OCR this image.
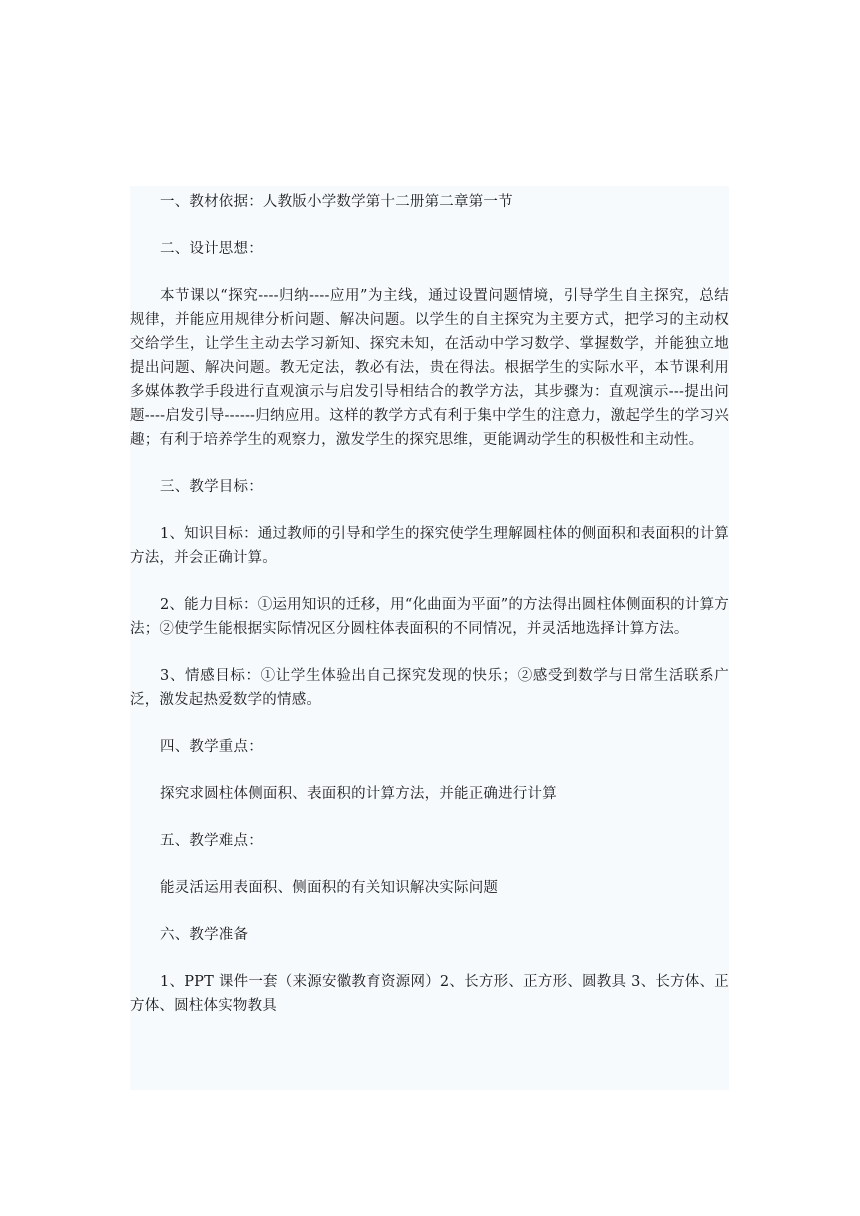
一、教材依据：人教版小学数学第十二册第二章第一节

二、设计思想：

本节课以“探究----归纳----应用”为主线，通过设置问题情境，引导学生自主探究，总结规律，并能应用规律分析问题、解决问题。以学生的自主探究为主要方式，把学习的主动权交给学生，让学生主动去学习新知、探究未知，在活动中学习数学、掌握数学，并能独立地提出问题、解决问题。教无定法，教必有法，贵在得法。根据学生的实际水平，本节课利用多媒体教学手段进行直观演示与启发引导相结合的教学方法，其步骤为：直观演示---提出问题----启发引导------归纳应用。这样的教学方式有利于集中学生的注意力，激起学生的学习兴趣；有利于培养学生的观察力，激发学生的探究思维，更能调动学生的积极性和主动性。

三、教学目标：

1、知识目标：通过教师的引导和学生的探究使学生理解圆柱体的侧面积和表面积的计算方法，并会正确计算。

2、能力目标：①运用知识的迁移，用“化曲面为平面”的方法得出圆柱体侧面积的计算方法；②使学生能根据实际情况区分圆柱体表面积的不同情况，并灵活地选择计算方法。

3、情感目标：①让学生体验出自己探究发现的快乐；②感受到数学与日常生活联系广泛，激发起热爱数学的情感。

四、教学重点：

探究求圆柱体侧面积、表面积的计算方法，并能正确进行计算

五、教学难点：

能灵活运用表面积、侧面积的有关知识解决实际问题

六、教学准备

1、PPT 课件一套（来源安徽教育资源网）2、长方形、正方形、圆教具 3、长方体、正方体、圆柱体实物教具
